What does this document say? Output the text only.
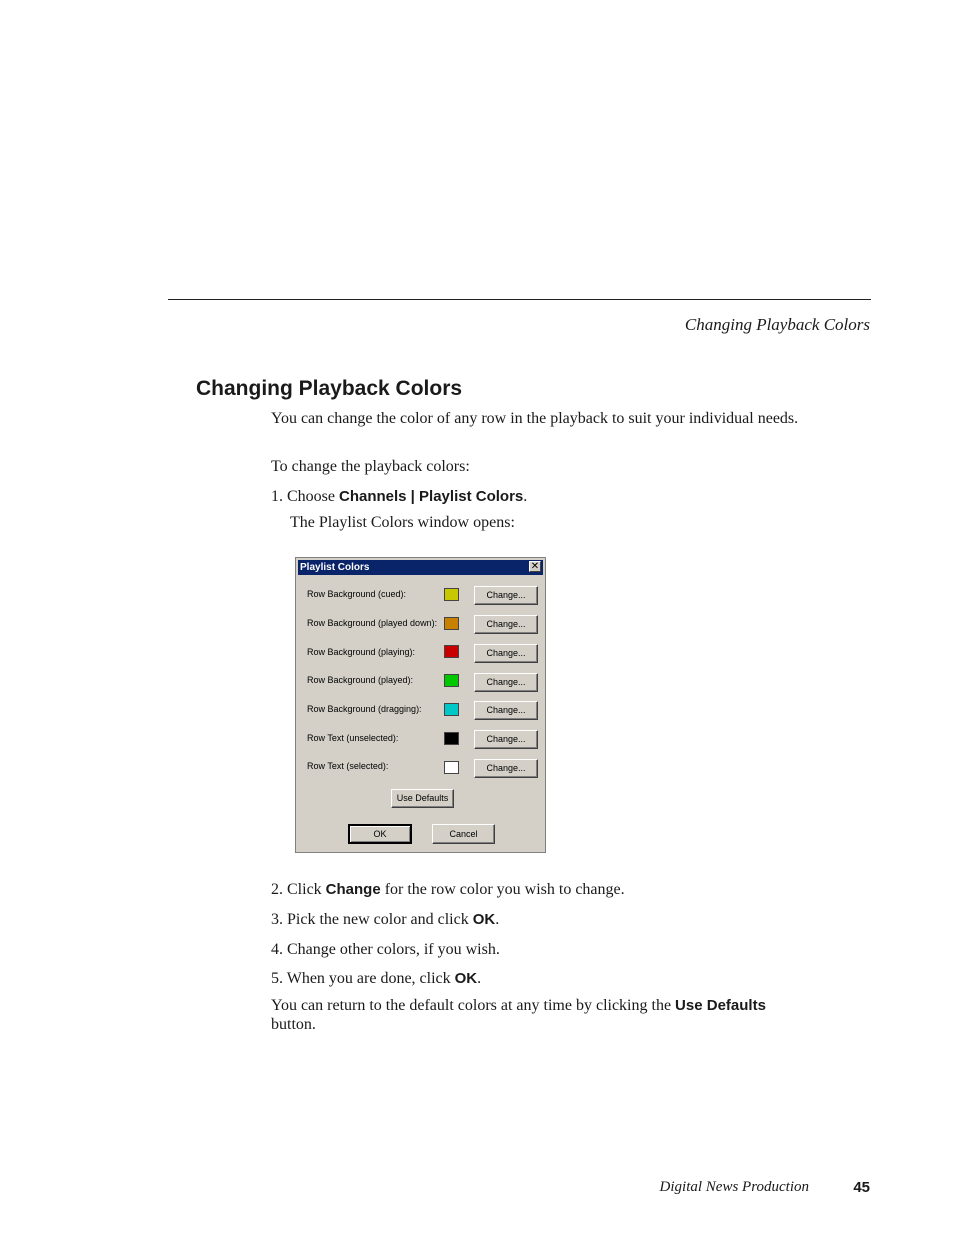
Changing Playback Colors
Changing Playback Colors

You can change the color of any row in the playback to suit your individual needs.

To change the playback colors:

1. Choose Channels | Playlist Colors.

The Playlist Colors window opens:

Playlist Colors	✕
Row Background (cued):	Change...
Row Background (played down):	Change...
Row Background (playing):	Change...
Row Background (played):	Change...
Row Background (dragging):	Change...
Row Text (unselected):	Change...
Row Text (selected):	Change...
Use Defaults
OK	Cancel

2. Click Change for the row color you wish to change.

3. Pick the new color and click OK.

4. Change other colors, if you wish.

5. When you are done, click OK.

You can return to the default colors at any time by clicking the Use Defaults button.

Digital News Production	45
